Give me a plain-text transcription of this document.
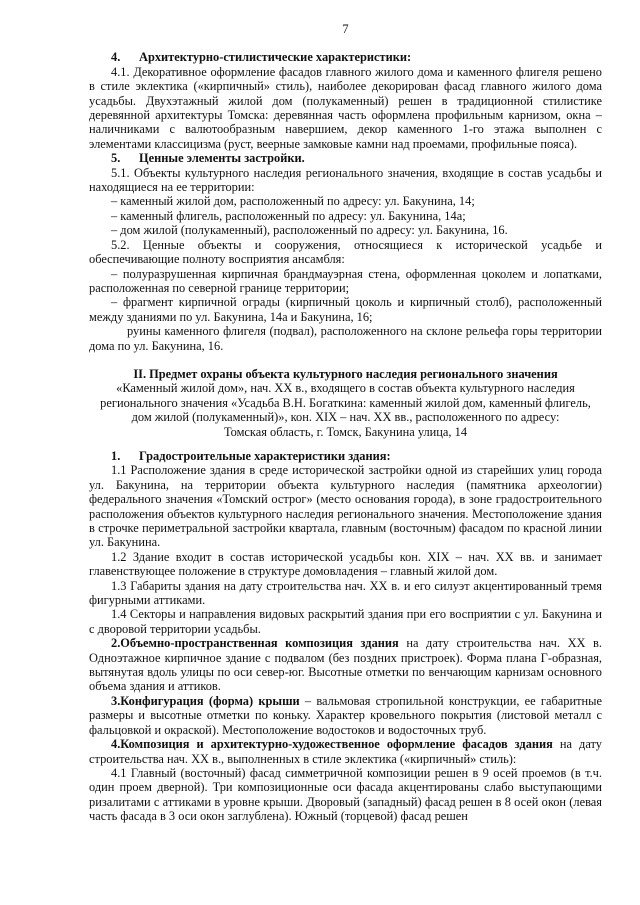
7

4. Архитектурно-стилистические характеристики:

4.1. Декоративное оформление фасадов главного жилого дома и каменного флигеля решено в стиле эклектика («кирпичный» стиль), наиболее декорирован фасад главного жилого дома усадьбы. Двухэтажный жилой дом (полукаменный) решен в традиционной стилистике деревянной архитектуры Томска: деревянная часть оформлена профильным карнизом, окна – наличниками с валютообразным навершием, декор каменного 1-го этажа выполнен с элементами классицизма (руст, веерные замковые камни над проемами, профильные пояса).

5. Ценные элементы застройки.

5.1. Объекты культурного наследия регионального значения, входящие в состав усадьбы и находящиеся на ее территории:

– каменный жилой дом, расположенный по адресу: ул. Бакунина, 14;

– каменный флигель, расположенный по адресу: ул. Бакунина, 14а;

– дом жилой (полукаменный), расположенный по адресу: ул. Бакунина, 16.

5.2. Ценные объекты и сооружения, относящиеся к исторической усадьбе и обеспечивающие полноту восприятия ансамбля:

– полуразрушенная кирпичная брандмауэрная стена, оформленная цоколем и лопатками, расположенная по северной границе территории;

– фрагмент кирпичной ограды (кирпичный цоколь и кирпичный столб), расположенный между зданиями по ул. Бакунина, 14а и Бакунина, 16;

руины каменного флигеля (подвал), расположенного на склоне рельефа горы территории дома по ул. Бакунина, 16.

II. Предмет охраны объекта культурного наследия регионального значения

«Каменный жилой дом», нач. XX в., входящего в состав объекта культурного наследия

регионального значения «Усадьба В.Н. Богаткина: каменный жилой дом, каменный флигель,

дом жилой (полукаменный)», кон. XIX – нач. XX вв., расположенного по адресу:

Томская область, г. Томск, Бакунина улица, 14

1. Градостроительные характеристики здания:

1.1 Расположение здания в среде исторической застройки одной из старейших улиц города ул. Бакунина, на территории объекта культурного наследия (памятника археологии) федерального значения «Томский острог» (место основания города), в зоне градостроительного расположения объектов культурного наследия регионального значения. Местоположение здания в строчке периметральной застройки квартала, главным (восточным) фасадом по красной линии ул. Бакунина.

1.2 Здание входит в состав исторической усадьбы кон. XIX – нач. XX вв. и занимает главенствующее положение в структуре домовладения – главный жилой дом.

1.3 Габариты здания на дату строительства нач. XX в. и его силуэт акцентированный тремя фигурными аттиками.

1.4 Секторы и направления видовых раскрытий здания при его восприятии с ул. Бакунина и с дворовой территории усадьбы.

2.Объемно-пространственная композиция здания на дату строительства нач. XX в. Одноэтажное кирпичное здание с подвалом (без поздних пристроек). Форма плана Г-образная, вытянутая вдоль улицы по оси север-юг. Высотные отметки по венчающим карнизам основного объема здания и аттиков.

3.Конфигурация (форма) крыши – вальмовая стропильной конструкции, ее габаритные размеры и высотные отметки по коньку. Характер кровельного покрытия (листовой металл с фальцовкой и окраской). Местоположение водостоков и водосточных труб.

4.Композиция и архитектурно-художественное оформление фасадов здания на дату строительства нач. XX в., выполненных в стиле эклектика («кирпичный» стиль):

4.1 Главный (восточный) фасад симметричной композиции решен в 9 осей проемов (в т.ч. один проем дверной). Три композиционные оси фасада акцентированы слабо выступающими ризалитами с аттиками в уровне крыши. Дворовый (западный) фасад решен в 8 осей окон (левая часть фасада в 3 оси окон заглублена). Южный (торцевой) фасад решен
